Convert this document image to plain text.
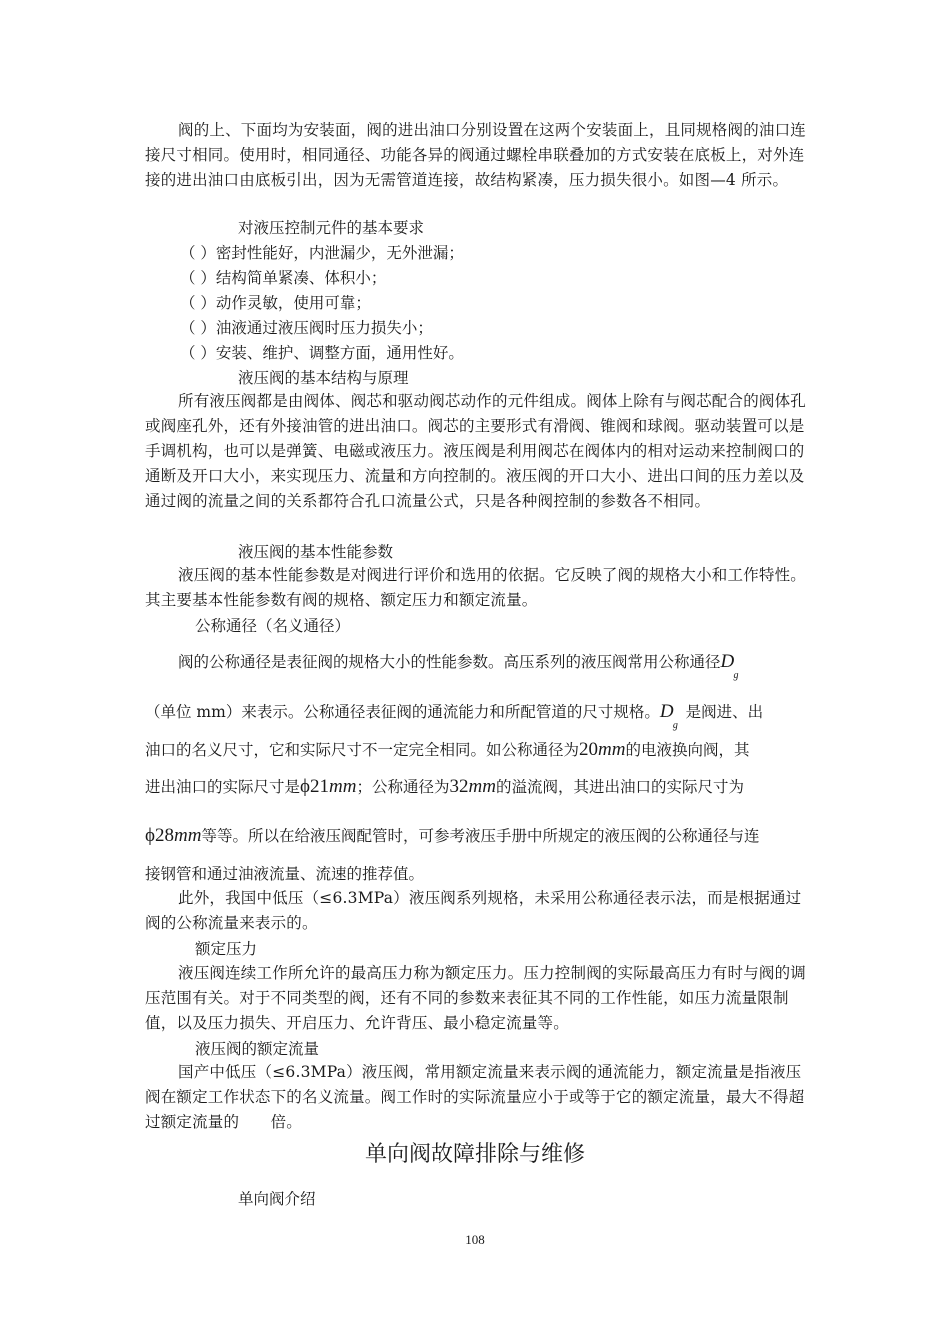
阀的上、下面均为安装面，阀的进出油口分别设置在这两个安装面上，且同规格阀的油口连接尺寸相同。使用时，相同通径、功能各异的阀通过螺栓串联叠加的方式安装在底板上，对外连接的进出油口由底板引出，因为无需管道连接，故结构紧凑，压力损失很小。如图—4 所示。
对液压控制元件的基本要求
（ ）密封性能好，内泄漏少，无外泄漏；
（ ）结构简单紧凑、体积小；
（ ）动作灵敏，使用可靠；
（ ）油液通过液压阀时压力损失小；
（ ）安装、维护、调整方面，通用性好。
液压阀的基本结构与原理
所有液压阀都是由阀体、阀芯和驱动阀芯动作的元件组成。阀体上除有与阀芯配合的阀体孔或阀座孔外，还有外接油管的进出油口。阀芯的主要形式有滑阀、锥阀和球阀。驱动装置可以是手调机构，也可以是弹簧、电磁或液压力。液压阀是利用阀芯在阀体内的相对运动来控制阀口的通断及开口大小，来实现压力、流量和方向控制的。液压阀的开口大小、进出口间的压力差以及通过阀的流量之间的关系都符合孔口流量公式，只是各种阀控制的参数各不相同。
液压阀的基本性能参数
液压阀的基本性能参数是对阀进行评价和选用的依据。它反映了阀的规格大小和工作特性。其主要基本性能参数有阀的规格、额定压力和额定流量。
公称通径（名义通径）
阀的公称通径是表征阀的规格大小的性能参数。高压系列的液压阀常用公称通径D
g
（单位 mm）来表示。公称通径表征阀的通流能力和所配管道的尺寸规格。D
g
是阀进、出
油口的名义尺寸，它和实际尺寸不一定完全相同。如公称通径为20mm的电液换向阀，其
进出油口的实际尺寸是ϕ21mm；公称通径为32mm的溢流阀，其进出油口的实际尺寸为
ϕ28mm等等。所以在给液压阀配管时，可参考液压手册中所规定的液压阀的公称通径与连
接钢管和通过油液流量、流速的推荐值。
此外，我国中低压（≤6.3MPa）液压阀系列规格，未采用公称通径表示法，而是根据通过阀的公称流量来表示的。
额定压力
液压阀连续工作所允许的最高压力称为额定压力。压力控制阀的实际最高压力有时与阀的调压范围有关。对于不同类型的阀，还有不同的参数来表征其不同的工作性能，如压力流量限制值，以及压力损失、开启压力、允许背压、最小稳定流量等。
液压阀的额定流量
国产中低压（≤6.3MPa）液压阀，常用额定流量来表示阀的通流能力，额定流量是指液压阀在额定工作状态下的名义流量。阀工作时的实际流量应小于或等于它的额定流量，最大不得超过额定流量的　　倍。
单向阀故障排除与维修
单向阀介绍
108
